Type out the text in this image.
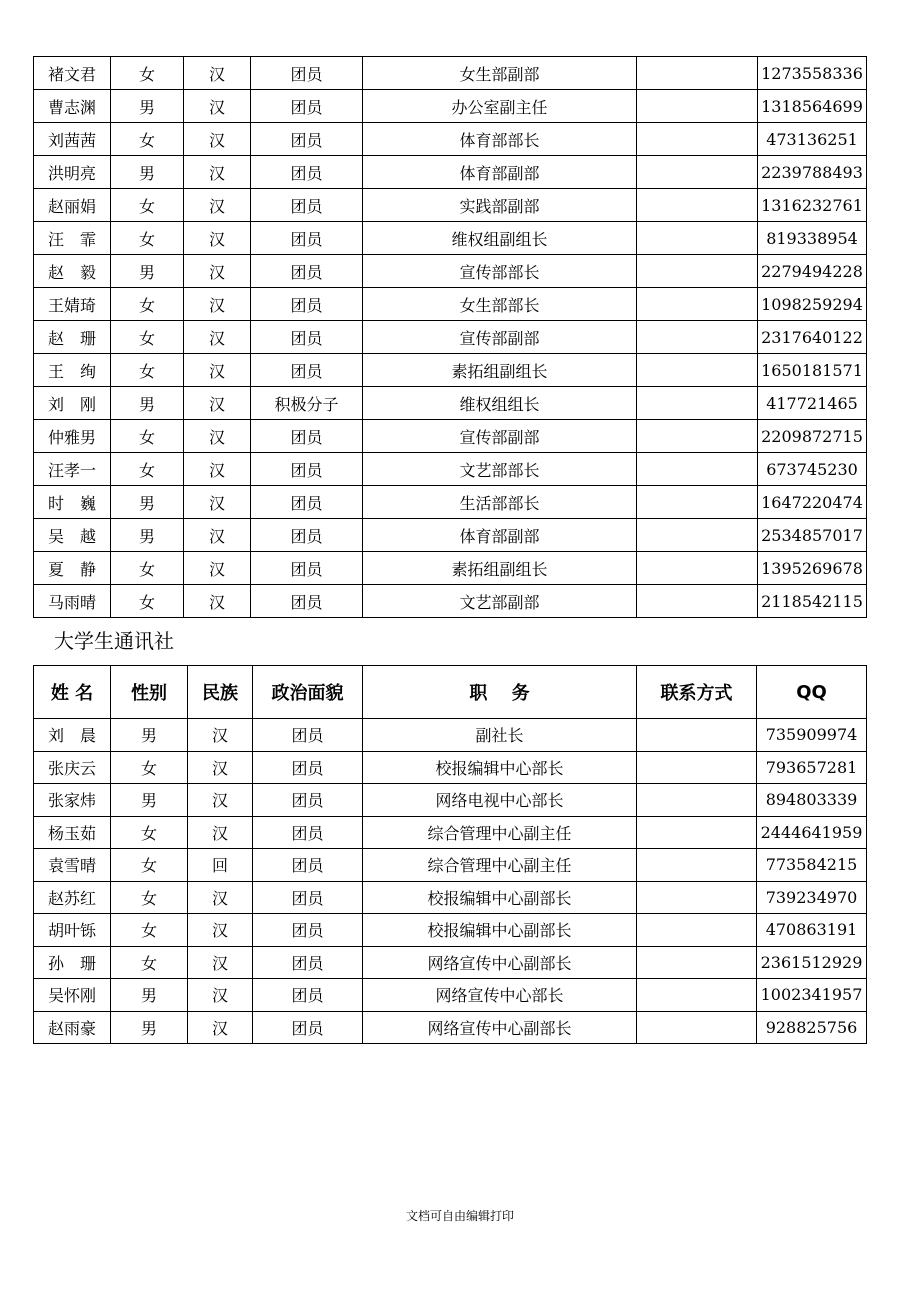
褚文君	女	汉	团员	女生部副部		1273558336
曹志渊	男	汉	团员	办公室副主任		1318564699
刘茜茜	女	汉	团员	体育部部长		473136251
洪明亮	男	汉	团员	体育部副部		2239788493
赵丽娟	女	汉	团员	实践部副部		1316232761
汪　霏	女	汉	团员	维权组副组长		819338954
赵　毅	男	汉	团员	宣传部部长		2279494228
王婧琦	女	汉	团员	女生部部长		1098259294
赵　珊	女	汉	团员	宣传部副部		2317640122
王　绚	女	汉	团员	素拓组副组长		1650181571
刘　刚	男	汉	积极分子	维权组组长		417721465
仲雅男	女	汉	团员	宣传部副部		2209872715
汪孝一	女	汉	团员	文艺部部长		673745230
时　巍	男	汉	团员	生活部部长		1647220474
吴　越	男	汉	团员	体育部副部		2534857017
夏　静	女	汉	团员	素拓组副组长		1395269678
马雨晴	女	汉	团员	文艺部副部		2118542115
大学生通讯社
姓 名	性别	民族	政治面貌	职　 务	联系方式	QQ
刘　晨	男	汉	团员	副社长		735909974
张庆云	女	汉	团员	校报编辑中心部长		793657281
张家炜	男	汉	团员	网络电视中心部长		894803339
杨玉茹	女	汉	团员	综合管理中心副主任		2444641959
袁雪晴	女	回	团员	综合管理中心副主任		773584215
赵苏红	女	汉	团员	校报编辑中心副部长		739234970
胡叶铄	女	汉	团员	校报编辑中心副部长		470863191
孙　珊	女	汉	团员	网络宣传中心副部长		2361512929
吴怀刚	男	汉	团员	网络宣传中心部长		1002341957
赵雨豪	男	汉	团员	网络宣传中心副部长		928825756
文档可自由编辑打印
